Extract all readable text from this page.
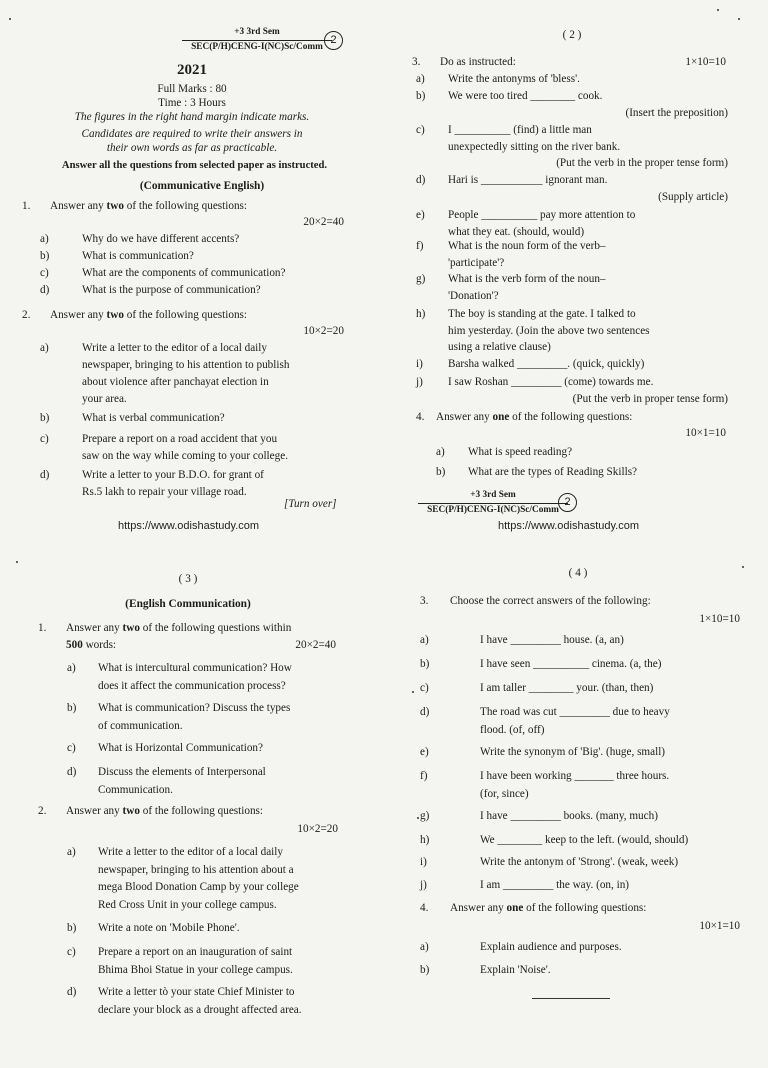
+3 3rd Sem
SEC(P/H)CENG-I(NC)Sc/Comm
2
2021
Full Marks : 80
Time : 3 Hours
The figures in the right hand margin indicate marks.
Candidates are required to write their answers in
their own words as far as practicable.
Answer all the questions from selected paper as instructed.
(Communicative English)
1. Answer any two of the following questions:
20×2=40
2. Answer any two of the following questions:
10×2=20
[Turn over]
a)	Why do we have different accents?
b)	What is communication?
c)	What are the components of communication?
d)	What is the purpose of communication?
a)	Write a letter to the editor of a local daily
newspaper, bringing to his attention to publish
about violence after panchayat election in
your area.
b)	What is verbal communication?
c)	Prepare a report on a road accident that you
saw on the way while coming to your college.
d)	Write a letter to your B.D.O. for grant of
Rs.5 lakh to repair your village road.
https://www.odishastudy.com
( 2 )
3. Do as instructed:	1×10=10
4. Answer any one of the following questions:
10×1=10
+3 3rd Sem
SEC(P/H)CENG-I(NC)Sc/Comm
2
a) Write the antonyms of 'bless'.
b) We were too tired ________ cook.
(Insert the preposition)
c) I __________ (find) a little man
unexpectedly sitting on the river bank.
(Put the verb in the proper tense form)
d) Hari is ___________ ignorant man.
(Supply article)
e) People __________ pay more attention to
what they eat. (should, would)
f) What is the noun form of the verb–
'participate'?
g) What is the verb form of the noun–
'Donation'?
h) The boy is standing at the gate. I talked to
him yesterday. (Join the above two sentences
using a relative clause)
i) Barsha walked _________. (quick, quickly)
j) I saw Roshan _________ (come) towards me.
(Put the verb in proper tense form)
a) What is speed reading?
b) What are the types of Reading Skills?
https://www.odishastudy.com
( 3 )
(English Communication)
1. Answer any two of the following questions within
500 words:	20×2=40
2. Answer any two of the following questions:
10×2=20
a) What is intercultural communication? How
does it affect the communication process?
b) What is communication? Discuss the types
of communication.
c) What is Horizontal Communication?
d) Discuss the elements of Interpersonal
Communication.
a) Write a letter to the editor of a local daily
newspaper, bringing to his attention about a
mega Blood Donation Camp by your college
Red Cross Unit in your college campus.
b) Write a note on 'Mobile Phone'.
c) Prepare a report on an inauguration of saint
Bhima Bhoi Statue in your college campus.
d) Write a letter tò your state Chief Minister to
declare your block as a drought affected area.
( 4 )
3. Choose the correct answers of the following:
1×10=10
4. Answer any one of the following questions:
10×1=10
a)	I have _________ house. (a, an)
b)	I have seen __________ cinema. (a, the)
c)	I am taller ________ your. (than, then)
d)	The road was cut _________ due to heavy
flood. (of, off)
e)	Write the synonym of 'Big'. (huge, small)
f)	I have been working _______ three hours.
(for, since)
g)	I have _________ books. (many, much)
h)	We ________ keep to the left. (would, should)
i)	Write the antonym of 'Strong'. (weak, week)
j)	I am _________ the way. (on, in)
a)	Explain audience and purposes.
b)	Explain 'Noise'.
